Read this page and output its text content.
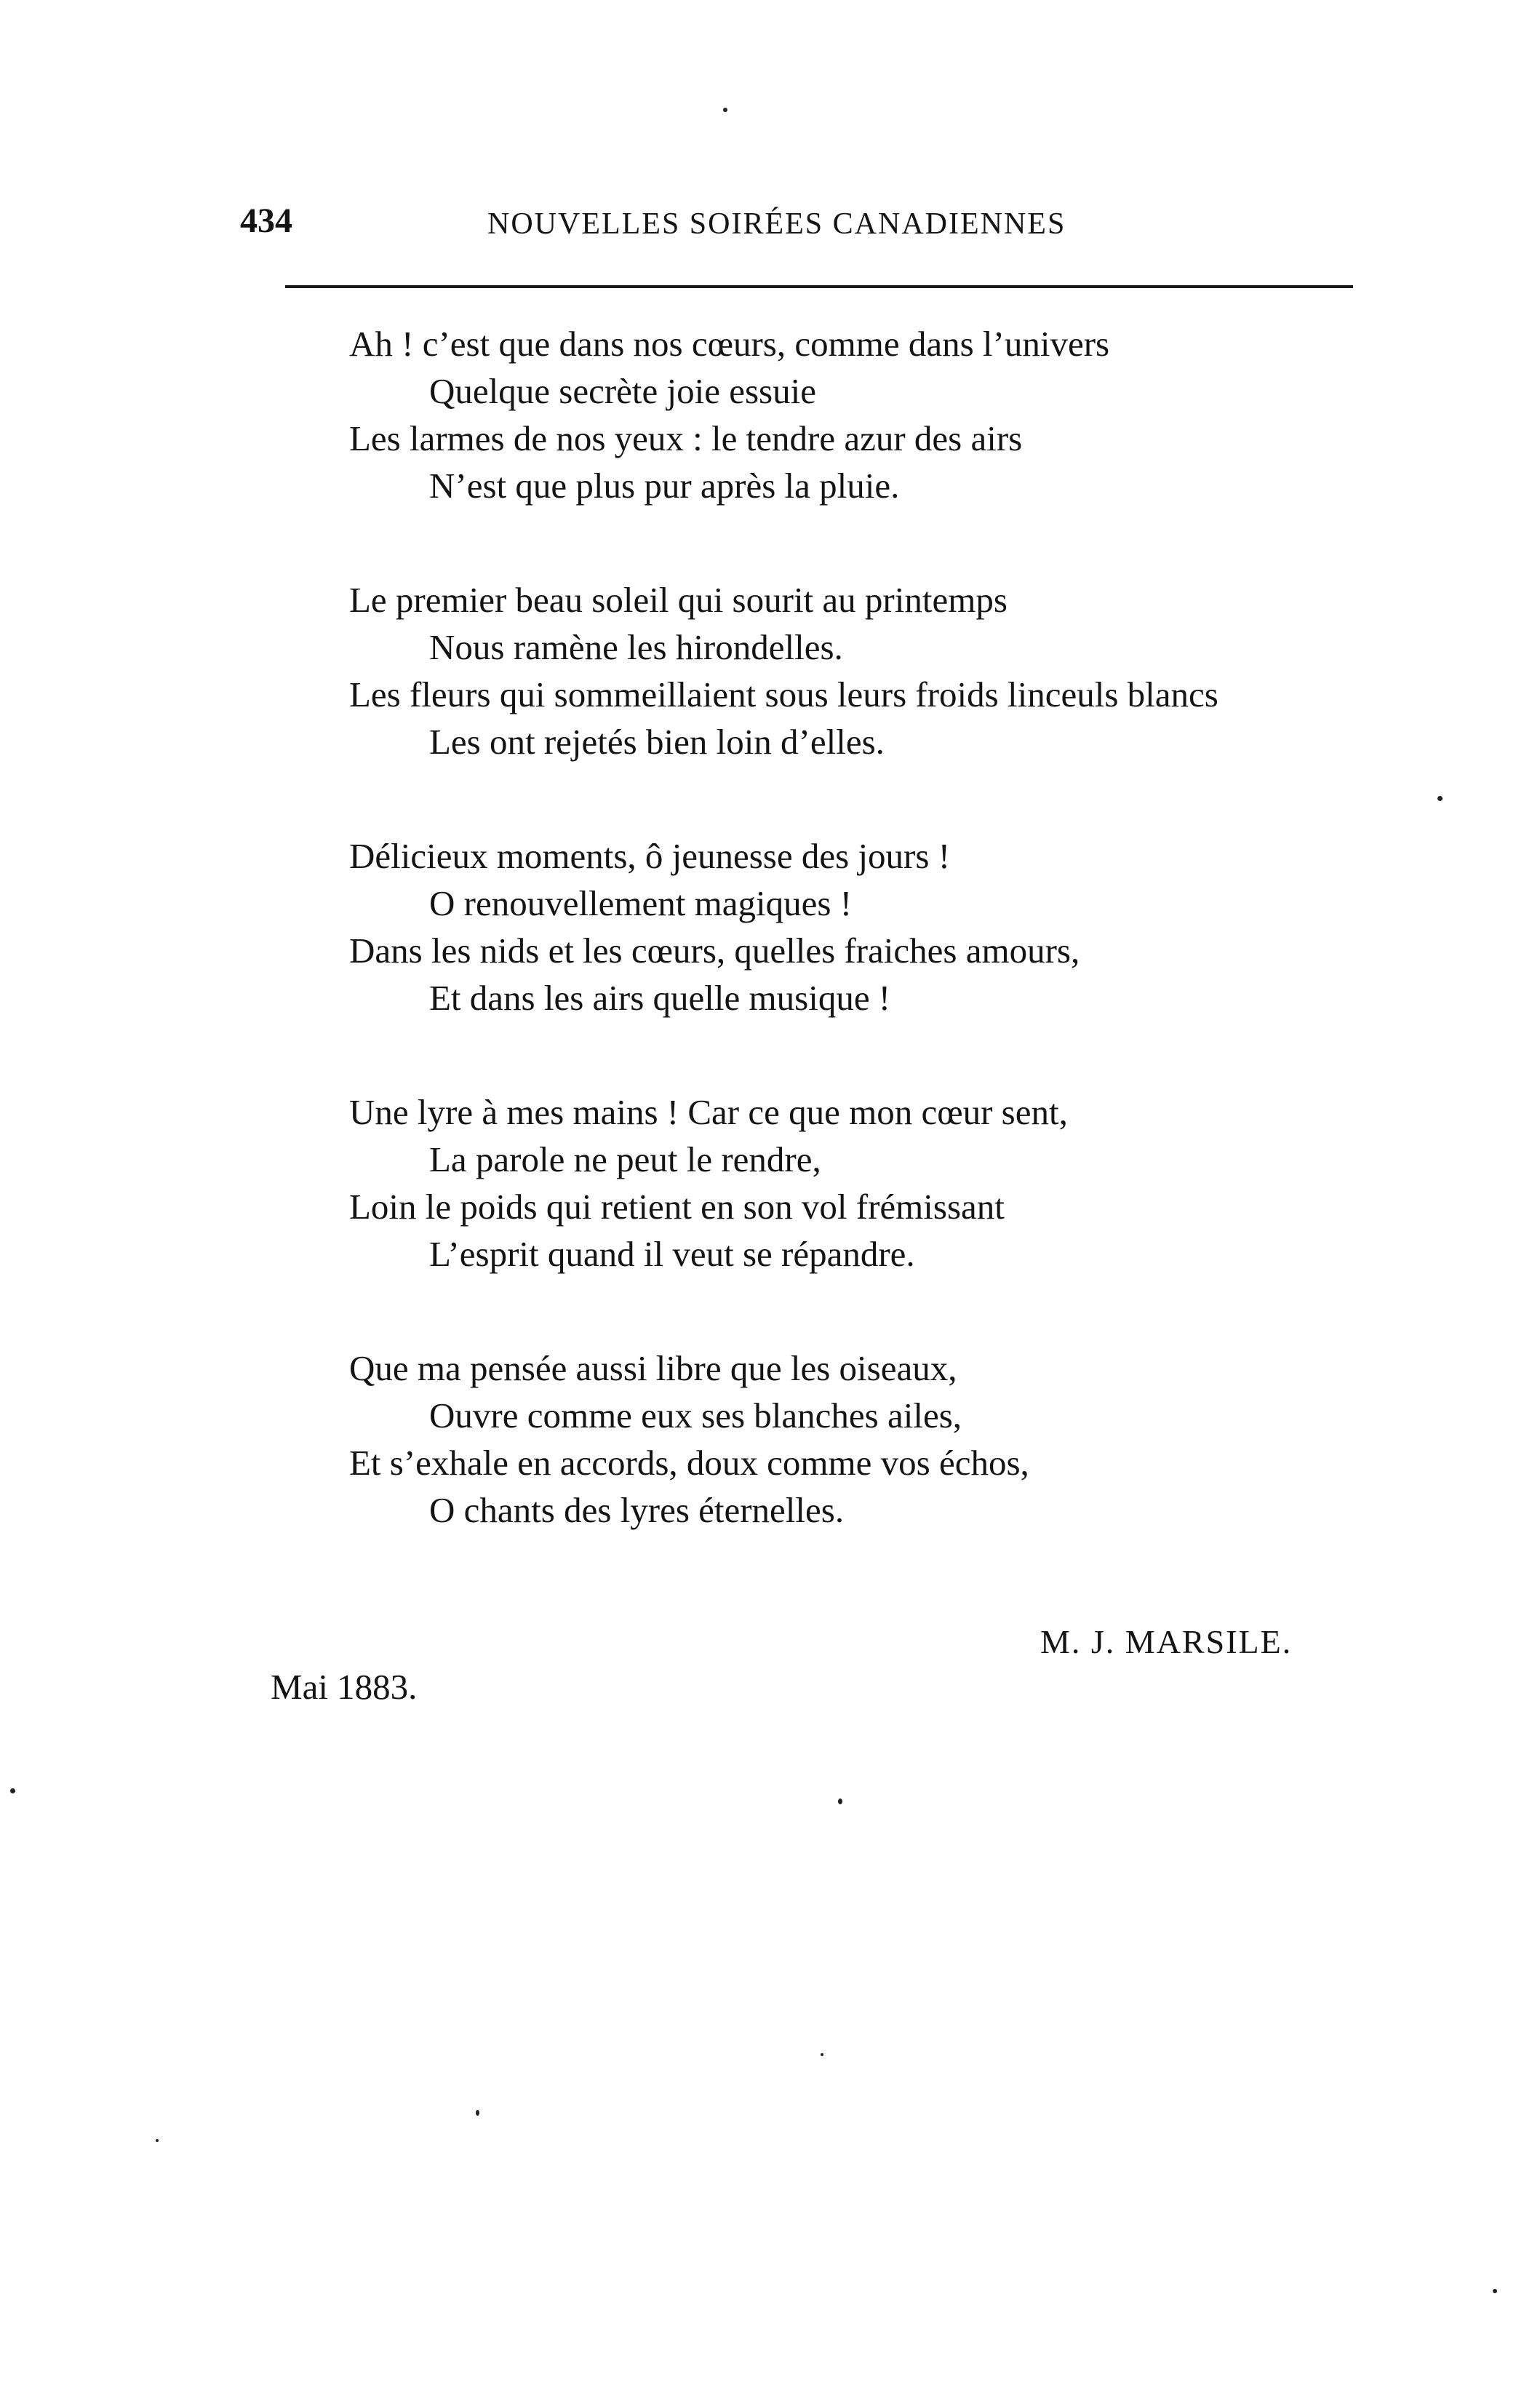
434	NOUVELLES SOIRÉES CANADIENNES
Ah ! c’est que dans nos cœurs, comme dans l’univers
Quelque secrète joie essuie
Les larmes de nos yeux : le tendre azur des airs
N’est que plus pur après la pluie.
Le premier beau soleil qui sourit au printemps
Nous ramène les hirondelles.
Les fleurs qui sommeillaient sous leurs froids linceuls blancs
Les ont rejetés bien loin d’elles.
Délicieux moments, ô jeunesse des jours !
O renouvellement magiques !
Dans les nids et les cœurs, quelles fraiches amours,
Et dans les airs quelle musique !
Une lyre à mes mains ! Car ce que mon cœur sent,
La parole ne peut le rendre,
Loin le poids qui retient en son vol frémissant
L’esprit quand il veut se répandre.
Que ma pensée aussi libre que les oiseaux,
Ouvre comme eux ses blanches ailes,
Et s’exhale en accords, doux comme vos échos,
O chants des lyres éternelles.
M. J. MARSILE.
Mai 1883.
